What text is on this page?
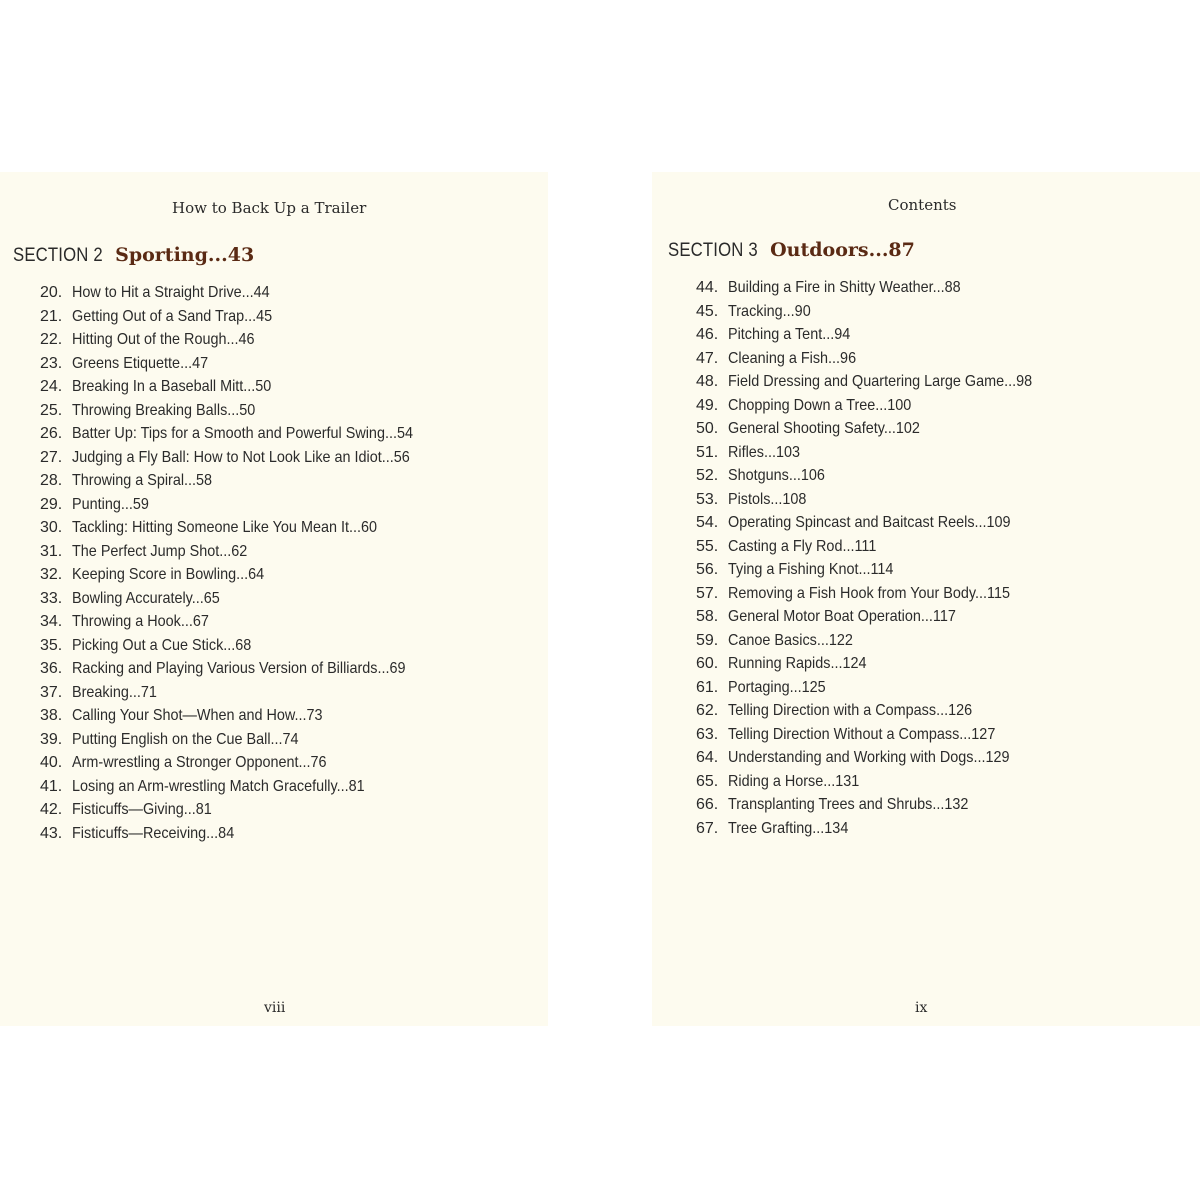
How to Back Up a Trailer
SECTION 2 Sporting...43
20. How to Hit a Straight Drive...44
21. Getting Out of a Sand Trap...45
22. Hitting Out of the Rough...46
23. Greens Etiquette...47
24. Breaking In a Baseball Mitt...50
25. Throwing Breaking Balls...50
26. Batter Up: Tips for a Smooth and Powerful Swing...54
27. Judging a Fly Ball: How to Not Look Like an Idiot...56
28. Throwing a Spiral...58
29. Punting...59
30. Tackling: Hitting Someone Like You Mean It...60
31. The Perfect Jump Shot...62
32. Keeping Score in Bowling...64
33. Bowling Accurately...65
34. Throwing a Hook...67
35. Picking Out a Cue Stick...68
36. Racking and Playing Various Version of Billiards...69
37. Breaking...71
38. Calling Your Shot—When and How...73
39. Putting English on the Cue Ball...74
40. Arm-wrestling a Stronger Opponent...76
41. Losing an Arm-wrestling Match Gracefully...81
42. Fisticuffs—Giving...81
43. Fisticuffs—Receiving...84
viii
Contents
SECTION 3 Outdoors...87
44. Building a Fire in Shitty Weather...88
45. Tracking...90
46. Pitching a Tent...94
47. Cleaning a Fish...96
48. Field Dressing and Quartering Large Game...98
49. Chopping Down a Tree...100
50. General Shooting Safety...102
51. Rifles...103
52. Shotguns...106
53. Pistols...108
54. Operating Spincast and Baitcast Reels...109
55. Casting a Fly Rod...111
56. Tying a Fishing Knot...114
57. Removing a Fish Hook from Your Body...115
58. General Motor Boat Operation...117
59. Canoe Basics...122
60. Running Rapids...124
61. Portaging...125
62. Telling Direction with a Compass...126
63. Telling Direction Without a Compass...127
64. Understanding and Working with Dogs...129
65. Riding a Horse...131
66. Transplanting Trees and Shrubs...132
67. Tree Grafting...134
ix
